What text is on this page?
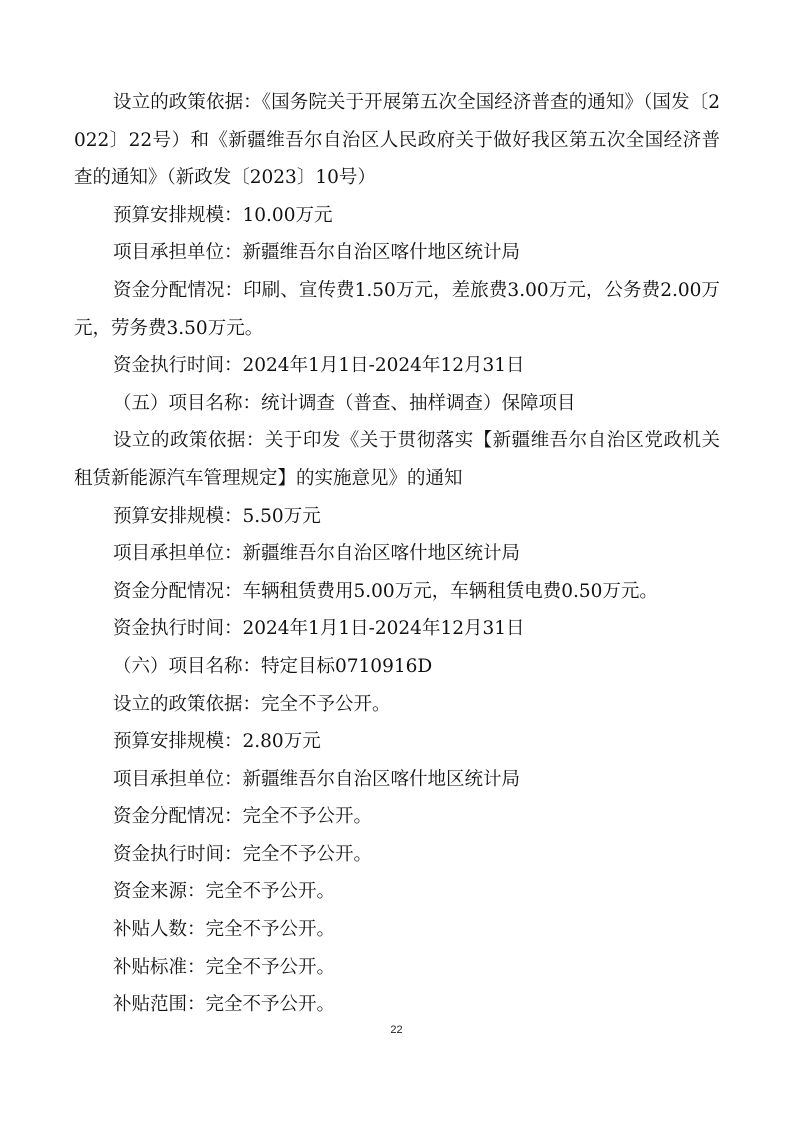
设立的政策依据：《国务院关于开展第五次全国经济普查的通知》（国发〔2022〕22号）和《新疆维吾尔自治区人民政府关于做好我区第五次全国经济普查的通知》（新政发〔2023〕10号）

预算安排规模：10.00万元

项目承担单位：新疆维吾尔自治区喀什地区统计局

资金分配情况：印刷、宣传费1.50万元，差旅费3.00万元，公务费2.00万元，劳务费3.50万元。

资金执行时间：2024年1月1日-2024年12月31日

（五）项目名称：统计调查（普查、抽样调查）保障项目

设立的政策依据：关于印发《关于贯彻落实【新疆维吾尔自治区党政机关租赁新能源汽车管理规定】的实施意见》的通知

预算安排规模：5.50万元

项目承担单位：新疆维吾尔自治区喀什地区统计局

资金分配情况：车辆租赁费用5.00万元，车辆租赁电费0.50万元。

资金执行时间：2024年1月1日-2024年12月31日

（六）项目名称：特定目标0710916D

设立的政策依据：完全不予公开。

预算安排规模：2.80万元

项目承担单位：新疆维吾尔自治区喀什地区统计局

资金分配情况：完全不予公开。

资金执行时间：完全不予公开。

资金来源：完全不予公开。

补贴人数：完全不予公开。

补贴标准：完全不予公开。

补贴范围：完全不予公开。

22
